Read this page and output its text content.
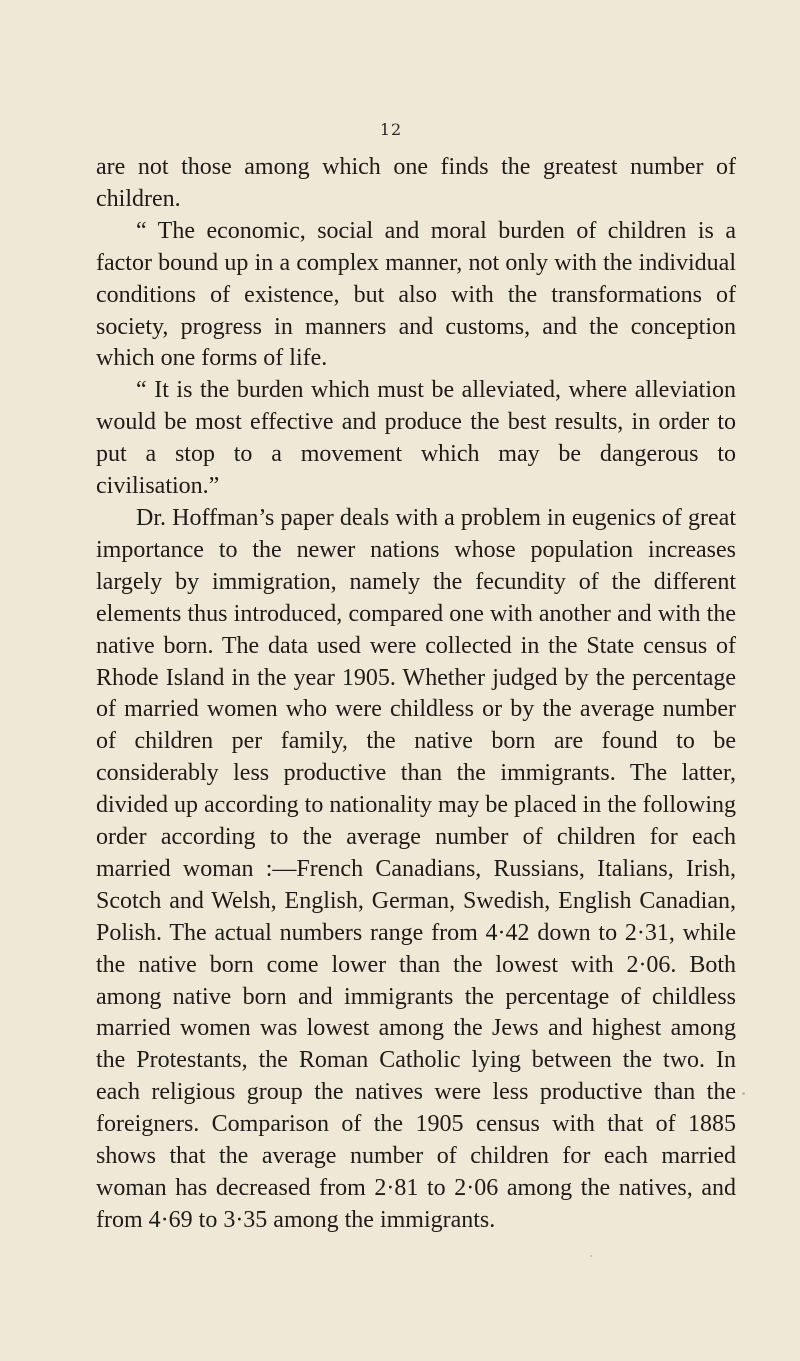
12

are not those among which one finds the greatest number of children.

“ The economic, social and moral burden of children is a factor bound up in a complex manner, not only with the individual conditions of existence, but also with the transformations of society, progress in manners and customs, and the conception which one forms of life.

“ It is the burden which must be alleviated, where alleviation would be most effective and produce the best results, in order to put a stop to a movement which may be dangerous to civilisation.”

Dr. Hoffman’s paper deals with a problem in eugenics of great importance to the newer nations whose population increases largely by immigration, namely the fecundity of the different elements thus introduced, compared one with another and with the native born. The data used were collected in the State census of Rhode Island in the year 1905. Whether judged by the percentage of married women who were childless or by the average number of children per family, the native born are found to be considerably less productive than the immigrants. The latter, divided up according to nationality may be placed in the following order according to the average number of children for each married woman :—French Canadians, Russians, Italians, Irish, Scotch and Welsh, English, German, Swedish, English Canadian, Polish. The actual numbers range from 4·42 down to 2·31, while the native born come lower than the lowest with 2·06. Both among native born and immigrants the percentage of childless married women was lowest among the Jews and highest among the Protestants, the Roman Catholic lying between the two. In each religious group the natives were less productive than the foreigners. Comparison of the 1905 census with that of 1885 shows that the average number of children for each married woman has decreased from 2·81 to 2·06 among the natives, and from 4·69 to 3·35 among the immigrants.
